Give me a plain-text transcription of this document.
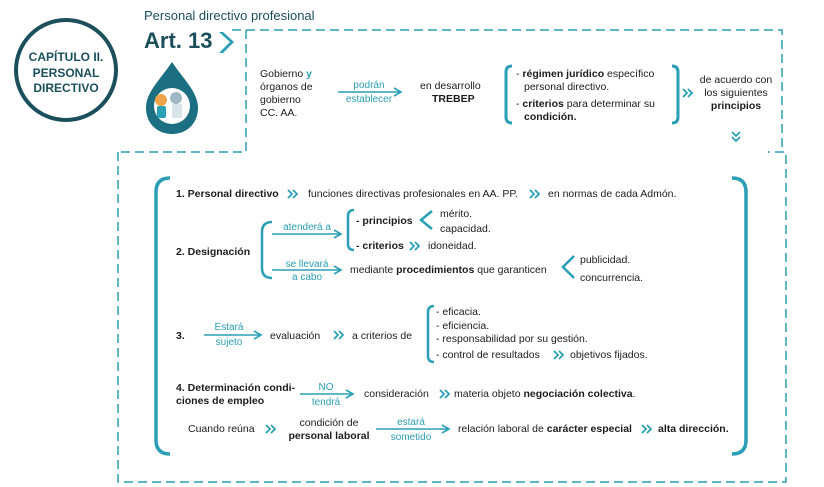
Personal directivo profesional
Art. 13
CAPÍTULO II.
PERSONAL
DIRECTIVO
Gobierno y
órganos de
gobierno
CC. AA.
podrán
establecer
en desarrollo
TREBEP
- régimen jurídico específico
personal directivo.
- criterios para determinar su
condición.
de acuerdo con
los siguientes
principios
1. Personal directivo	funciones directivas profesionales en AA. PP.	en normas de cada Admón.
2. Designación
atenderá a
- principios
mérito.
capacidad.
- criterios idoneidad.
se llevará
a cabo
mediante procedimientos que garanticen
publicidad.
concurrencia.
3.
Estará
sujeto
evaluación	a criterios de
- eficacia.
- eficiencia.
- responsabilidad por su gestión.
- control de resultados	objetivos fijados.
4. Determinación condi-
ciones de empleo
NO
tendrá
consideración materia objeto negociación colectiva.
Cuando reúna	condición de
personal laboral
estará
sometido
relación laboral de carácter especial alta dirección.
